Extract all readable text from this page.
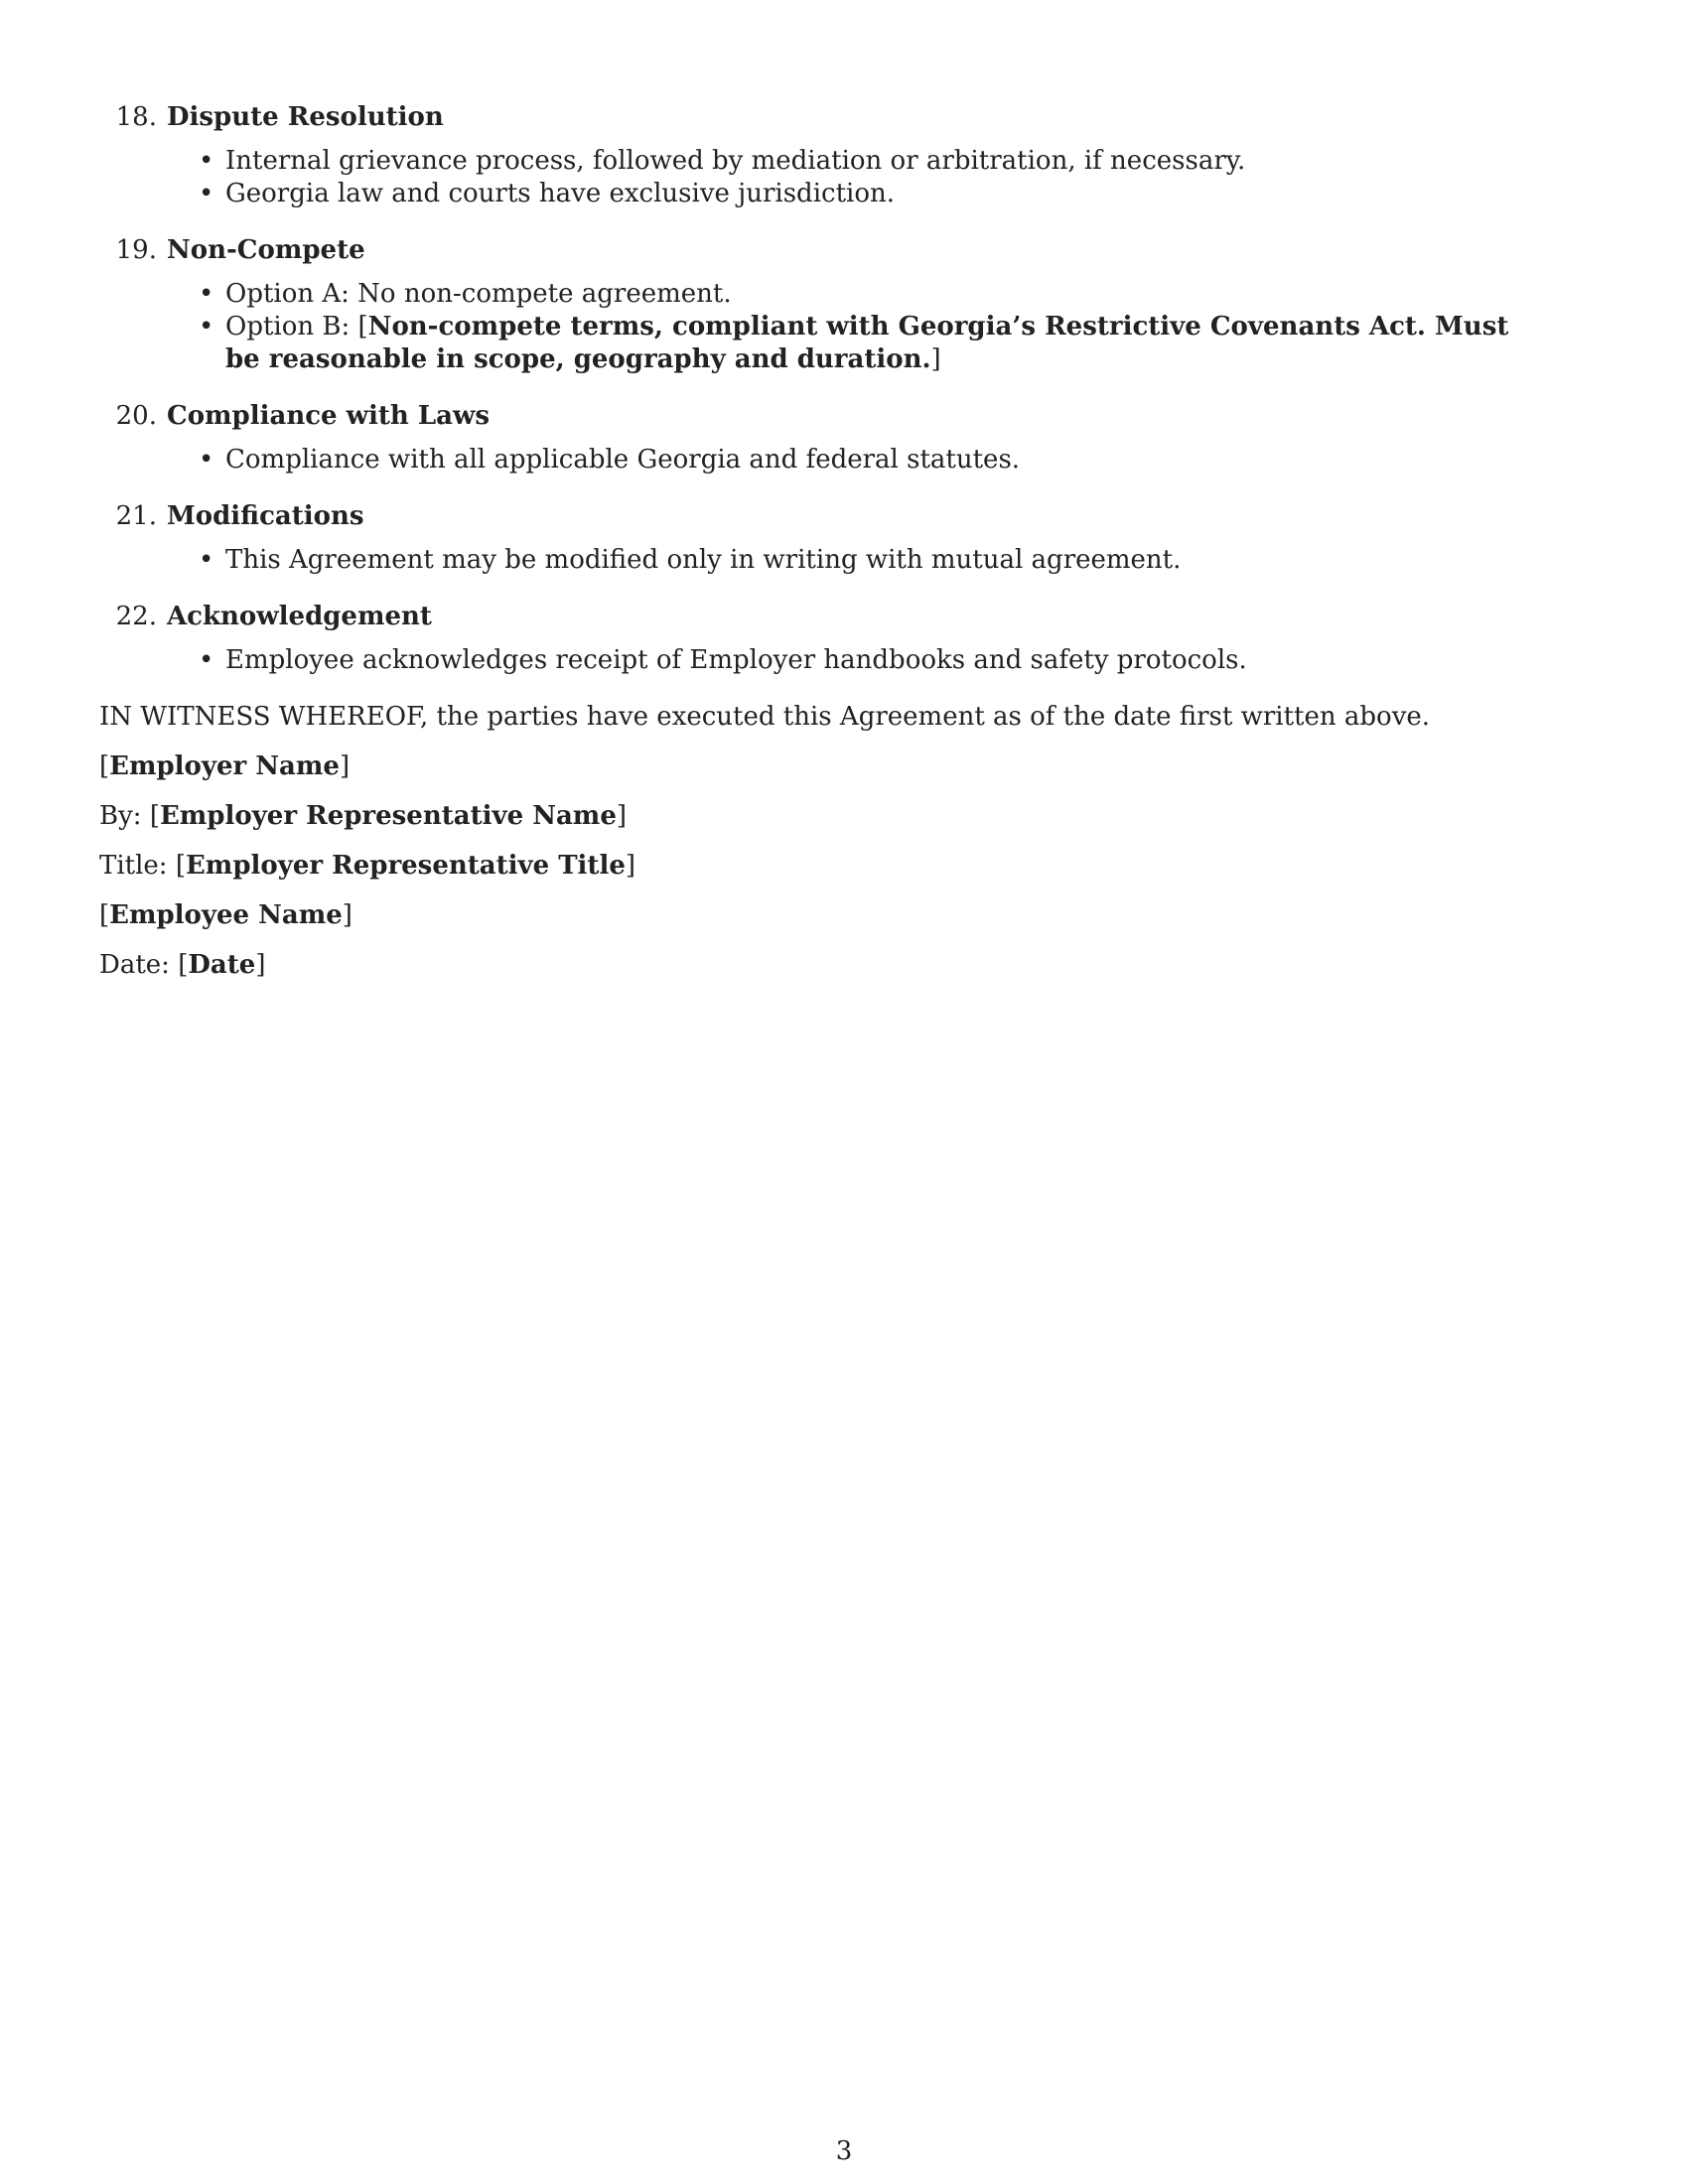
18. Dispute Resolution
• Internal grievance process, followed by mediation or arbitration, if necessary.
• Georgia law and courts have exclusive jurisdiction.
19. Non-Compete
• Option A: No non-compete agreement.
• Option B: [Non-compete terms, compliant with Georgia’s Restrictive Covenants Act. Must be reasonable in scope, geography and duration.]
20. Compliance with Laws
• Compliance with all applicable Georgia and federal statutes.
21. Modifications
• This Agreement may be modified only in writing with mutual agreement.
22. Acknowledgement
• Employee acknowledges receipt of Employer handbooks and safety protocols.
IN WITNESS WHEREOF, the parties have executed this Agreement as of the date first written above.
[Employer Name]
By: [Employer Representative Name]
Title: [Employer Representative Title]
[Employee Name]
Date: [Date]
3
